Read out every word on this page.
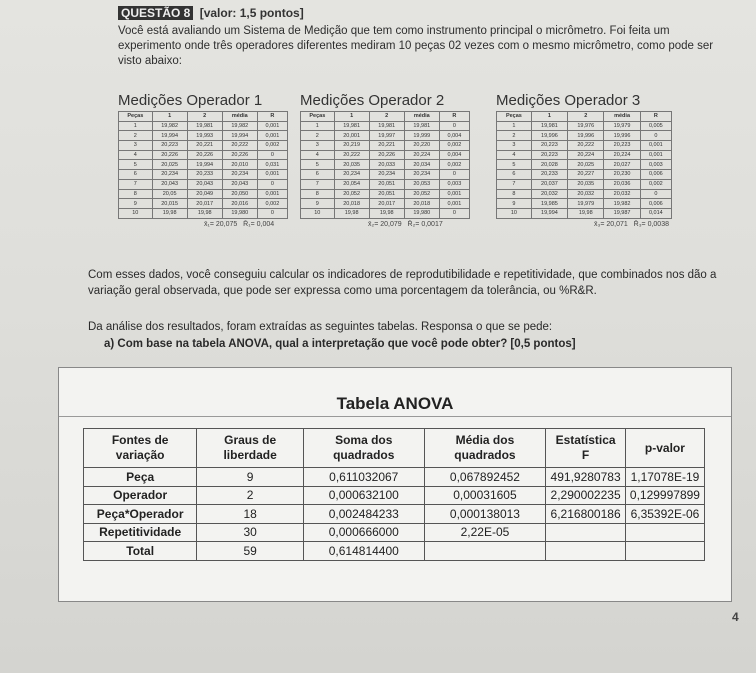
QUESTÃO 8 [valor: 1,5 pontos]
Você está avaliando um Sistema de Medição que tem como instrumento principal o micrômetro. Foi feita um experimento onde três operadores diferentes mediram 10 peças 02 vezes com o mesmo micrômetro, como pode ser visto abaixo:
Medições Operador 1
Peças	1	2	média	R
1	19,982	19,981	19,982	0,001
2	19,994	19,993	19,994	0,001
3	20,223	20,221	20,222	0,002
4	20,226	20,226	20,226	0
5	20,025	19,994	20,010	0,031
6	20,234	20,233	20,234	0,001
7	20,043	20,043	20,043	0
8	20,05	20,049	20,050	0,001
9	20,015	20,017	20,016	0,002
10	19,98	19,98	19,980	0
x̄₁= 20,075 R̄₁= 0,004
Medições Operador 2
Peças	1	2	média	R
1	19,981	19,981	19,981	0
2	20,001	19,997	19,999	0,004
3	20,219	20,221	20,220	0,002
4	20,222	20,226	20,224	0,004
5	20,035	20,033	20,034	0,002
6	20,234	20,234	20,234	0
7	20,054	20,051	20,053	0,003
8	20,052	20,051	20,052	0,001
9	20,018	20,017	20,018	0,001
10	19,98	19,98	19,980	0
x̄₂= 20,079 R̄₂= 0,0017
Medições Operador 3
Peças	1	2	média	R
1	19,981	19,976	19,979	0,005
2	19,996	19,996	19,996	0
3	20,223	20,222	20,223	0,001
4	20,223	20,224	20,224	0,001
5	20,028	20,025	20,027	0,003
6	20,233	20,227	20,230	0,006
7	20,037	20,035	20,036	0,002
8	20,032	20,032	20,032	0
9	19,985	19,979	19,982	0,006
10	19,994	19,98	19,987	0,014
x̄₃= 20,071 R̄₃= 0,0038
Com esses dados, você conseguiu calcular os indicadores de reprodutibilidade e repetitividade, que combinados nos dão a variação geral observada, que pode ser expressa como uma porcentagem da tolerância, ou %R&R.
Da análise dos resultados, foram extraídas as seguintes tabelas. Responsa o que se pede:
a) Com base na tabela ANOVA, qual a interpretação que você pode obter? [0,5 pontos]
Tabela ANOVA
Fontes de variação	Graus de liberdade	Soma dos quadrados	Média dos quadrados	Estatística F	p-valor
Peça	9	0,611032067	0,067892452	491,9280783	1,17078E-19
Operador	2	0,000632100	0,00031605	2,290002235	0,129997899
Peça*Operador	18	0,002484233	0,000138013	6,216800186	6,35392E-06
Repetitividade	30	0,000666000	2,22E-05		
Total	59	0,614814400			
4
